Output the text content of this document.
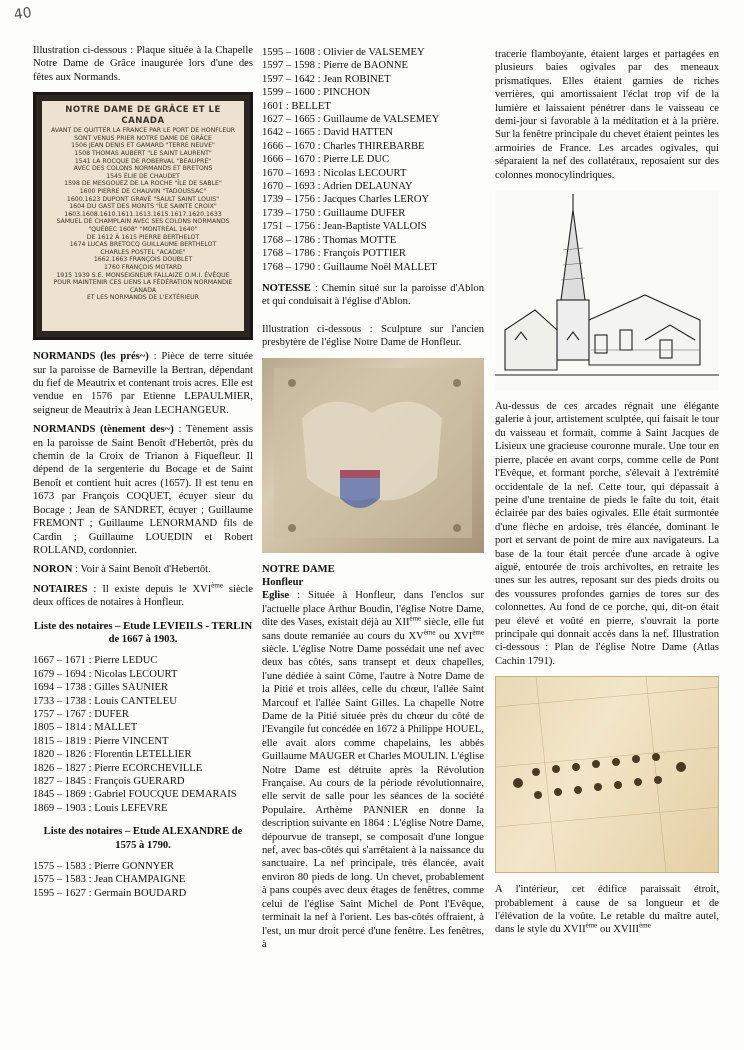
40

Illustration ci-dessous : Plaque située à la Chapelle Notre Dame de Grâce inaugurée lors d'une des fêtes aux Normands.

NOTRE DAME DE GRÂCE ET LE CANADA
AVANT DE QUITTER LA FRANCE PAR LE PORT DE HONFLEUR
SONT VENUS PRIER NOTRE DAME DE GRÂCE
1506 JEAN DENIS ET GAMARD "TERRE NEUVE"
1508 THOMAS AUBERT "LE SAINT LAURENT"
1541 LA ROCQUE DE ROBERVAL "BEAUPRÉ"
AVEC DES COLONS NORMANDS ET BRETONS
1545 ÉLIE DE CHAUDET
1598 DE MESGOUEZ DE LA ROCHE "ÎLE DE SABLE"
1600 PIERRE DE CHAUVIN "TADOUSSAC"
1600.1623 DUPONT GRAVÉ "SAULT SAINT LOUIS"
1604 DU GAST DES MONTS "ÎLE SAINTE CROIX"
1603.1608.1610.1611.1613.1615.1617.1620.1633
SAMUEL DE CHAMPLAIN AVEC SES COLONS NORMANDS
"QUÉBEC 1608" "MONTRÉAL 1640"
DE 1612 À 1615 PIERRE BERTHELOT
1674 LUCAS BRETOCQ GUILLAUME BERTHELOT
CHARLES POSTEL "ACADIE"
1662.1663 FRANÇOIS DOUBLET
1760 FRANÇOIS MOTARD
1915 1939 S.E. MONSEIGNEUR FALLAIZE O.M.I. ÉVÊQUE
POUR MAINTENIR CES LIENS LA FÉDÉRATION NORMANDIE CANADA
ET LES NORMANDS DE L'EXTÉRIEUR

NORMANDS (les prés~) : Pièce de terre située sur la paroisse de Barneville la Bertran, dépendant du fief de Meautrix et contenant trois acres. Elle est vendue en 1576 par Etienne LEPAULMIER, seigneur de Meautrix à Jean LECHANGEUR.

NORMANDS (tènement des~) : Tènement assis en la paroisse de Saint Benoît d'Hebertôt, près du chemin de la Croix de Trianon à Fiquefleur. Il dépend de la sergenterie du Bocage et de Saint Benoît et contient huit acres (1657). Il est tenu en 1673 par François COQUET, écuyer sieur du Bocage ; Jean de SANDRET, écuyer ; Guillaume FREMONT ; Guillaume LENORMAND fils de Cardin ; Guillaume LOUEDIN et Robert ROLLAND, cordonnier.

NORON : Voir à Saint Benoît d'Hebertôt.

NOTAIRES : Il existe depuis le XVIème siècle deux offices de notaires à Honfleur.

Liste des notaires – Etude LEVIEILS - TERLIN de 1667 à 1903.
1667 – 1671 : Pierre LEDUC
1679 – 1694 : Nicolas LECOURT
1694 – 1738 : Gilles SAUNIER
1733 – 1738 : Louis CANTELEU
1757 – 1767 : DUFER
1805 – 1814 : MALLET
1815 – 1819 : Pierre VINCENT
1820 – 1826 : Florentin LETELLIER
1826 – 1827 : Pierre ECORCHEVILLE
1827 – 1845 : François GUERARD

1845 – 1869 : Gabriel FOUCQUE DEMARAIS

1869 – 1903 : Louis LEFEVRE
Liste des notaires – Etude ALEXANDRE de 1575 à 1790.
1575 – 1583 : Pierre GONNYER
1575 – 1583 : Jean CHAMPAIGNE
1595 – 1627 : Germain BOUDARD
1595 – 1608 : Olivier de VALSEMEY
1597 – 1598 : Pierre de BAONNE
1597 – 1642 : Jean ROBINET
1599 – 1600 : PINCHON
1601 : BELLET
1627 – 1665 : Guillaume de VALSEMEY
1642 – 1665 : David HATTEN
1666 – 1670 : Charles THIREBARBE
1666 – 1670 : Pierre LE DUC
1670 – 1693 : Nicolas LECOURT
1670 – 1693 : Adrien DELAUNAY
1739 – 1756 : Jacques Charles LEROY
1739 – 1750 : Guillaume DUFER
1751 – 1756 : Jean-Baptiste VALLOIS
1768 – 1786 : Thomas MOTTE
1768 – 1786 : François POTTIER
1768 – 1790 : Guillaume Noël MALLET

NOTESSE : Chemin situé sur la paroisse d'Ablon et qui conduisait à l'église d'Ablon.

Illustration ci-dessous : Sculpture sur l'ancien presbytère de l'église Notre Dame de Honfleur.

NOTRE DAME

Honfleur

Eglise : Située à Honfleur, dans l'enclos sur l'actuelle place Arthur Boudin, l'église Notre Dame, dite des Vases, existait déjà au XIIème siècle, elle fut sans doute remaniée au cours du XVème ou XVIème siècle. L'église Notre Dame possédait une nef avec deux bas côtés, sans transept et deux chapelles, l'une dédiée à saint Côme, l'autre à Notre Dame de la Pitié et trois allées, celle du chœur, l'allée Saint Marcouf et l'allée Saint Gilles. La chapelle Notre Dame de la Pitié située près du chœur du côté de l'Evangile fut concédée en 1672 à Philippe HOUEL, elle avait alors comme chapelains, les abbés Guillaume MAUGER et Charles MOULIN. L'église Notre Dame est détruite après la Révolution Française. Au cours de la période révolutionnaire, elle servit de salle pour les séances de la société Populaire. Arthème PANNIER en donne la description suivante en 1864 : L'église Notre Dame, dépourvue de transept, se composait d'une longue nef, avec bas-côtés qui s'arrêtaient à la naissance du sanctuaire. La nef principale, très élancée, avait environ 80 pieds de long. Un chevet, probablement à pans coupés avec deux étages de fenêtres, comme celui de l'église Saint Michel de Pont l'Evêque, terminait la nef à l'orient. Les bas-côtés offraient, à l'est, un mur droit percé d'une fenêtre. Les fenêtres, à

tracerie flamboyante, étaient larges et partagées en plusieurs baies ogivales par des meneaux prismatiques. Elles étaient garnies de riches verrières, qui amortissaient l'éclat trop vif de la lumière et laissaient pénétrer dans le vaisseau ce demi-jour si favorable à la méditation et à la prière. Sur la fenêtre principale du chevet étaient peintes les armoiries de France. Les arcades ogivales, qui séparaient la nef des collatéraux, reposaient sur des colonnes monocylindriques.

Au-dessus de ces arcades régnait une élégante galerie à jour, artistement sculptée, qui faisait le tour du vaisseau et formait, comme à Saint Jacques de Lisieux une gracieuse couronne murale. Une tour en pierre, placée en avant corps, comme celle de Pont l'Evêque, et formant porche, s'élevait à l'extrémité occidentale de la nef. Cette tour, qui dépassait à peine d'une trentaine de pieds le faîte du toit, était éclairée par des baies ogivales. Elle était surmontée d'une flèche en ardoise, très élancée, dominant le port et servant de point de mire aux navigateurs. La base de la tour était percée d'une arcade à ogive aiguë, entourée de trois archivoltes, en retraite les unes sur les autres, reposant sur des pieds droits ou des voussures profondes garnies de tores sur des colonnettes. Au fond de ce porche, qui, dit-on était peu élevé et voûté en pierre, s'ouvrait la porte principale qui donnait accès dans la nef. Illustration ci-dessous : Plan de l'église Notre Dame (Atlas Cachin 1791).

A l'intérieur, cet édifice paraissait étroit, probablement à cause de sa longueur et de l'élévation de la voûte. Le retable du maître autel, dans le style du XVIIème ou XVIIIème
